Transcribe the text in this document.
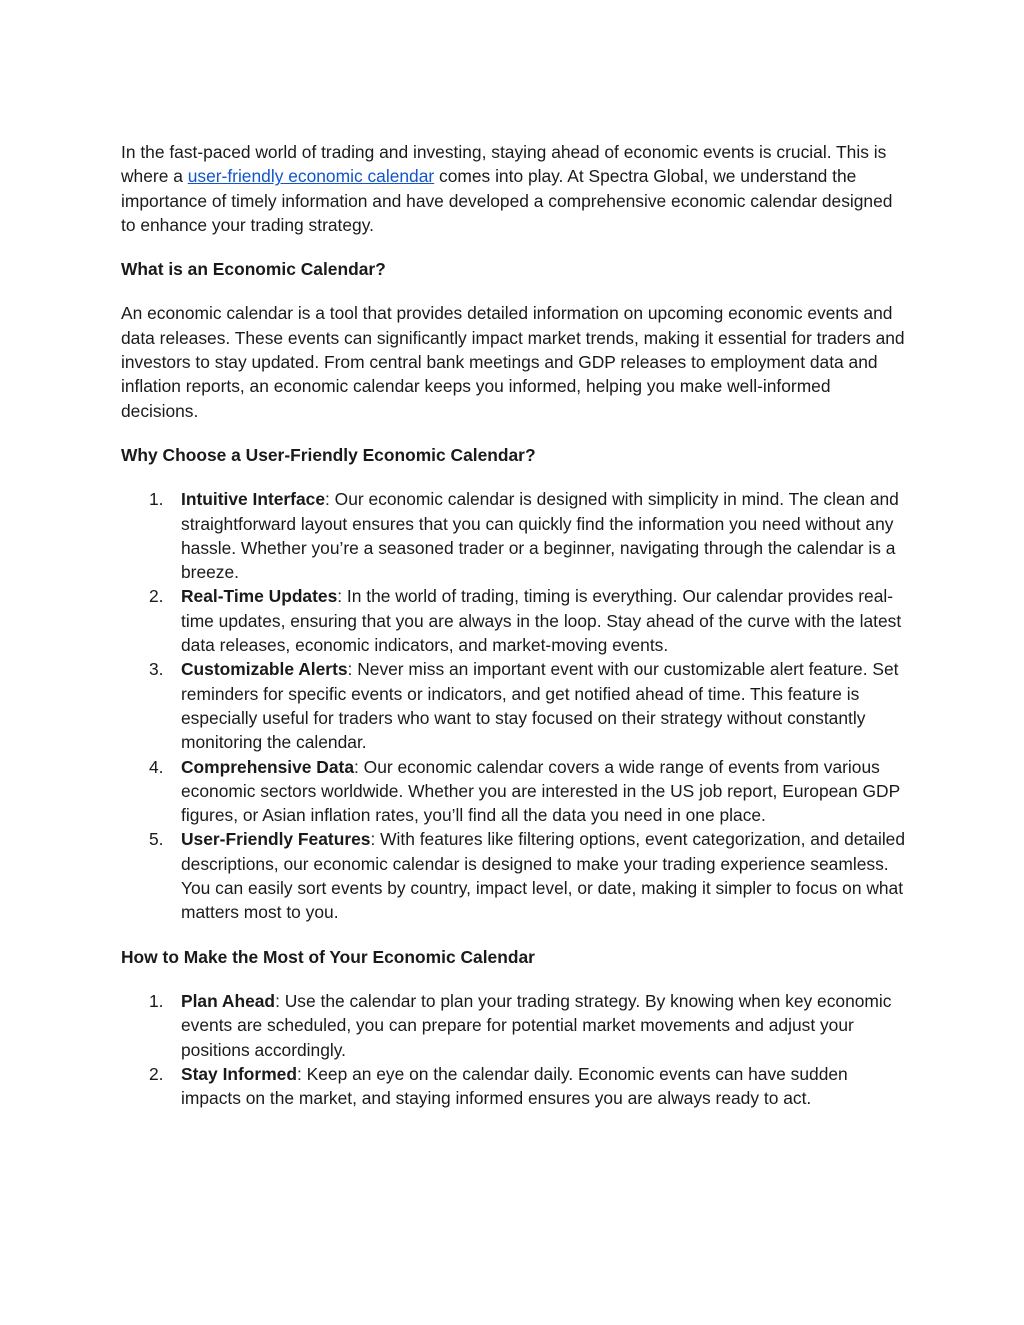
In the fast-paced world of trading and investing, staying ahead of economic events is crucial. This is where a user-friendly economic calendar comes into play. At Spectra Global, we understand the importance of timely information and have developed a comprehensive economic calendar designed to enhance your trading strategy.

What is an Economic Calendar?

An economic calendar is a tool that provides detailed information on upcoming economic events and data releases. These events can significantly impact market trends, making it essential for traders and investors to stay updated. From central bank meetings and GDP releases to employment data and inflation reports, an economic calendar keeps you informed, helping you make well-informed decisions.

Why Choose a User-Friendly Economic Calendar?

1. Intuitive Interface: Our economic calendar is designed with simplicity in mind. The clean and straightforward layout ensures that you can quickly find the information you need without any hassle. Whether you’re a seasoned trader or a beginner, navigating through the calendar is a breeze.
2. Real-Time Updates: In the world of trading, timing is everything. Our calendar provides real-time updates, ensuring that you are always in the loop. Stay ahead of the curve with the latest data releases, economic indicators, and market-moving events.
3. Customizable Alerts: Never miss an important event with our customizable alert feature. Set reminders for specific events or indicators, and get notified ahead of time. This feature is especially useful for traders who want to stay focused on their strategy without constantly monitoring the calendar.
4. Comprehensive Data: Our economic calendar covers a wide range of events from various economic sectors worldwide. Whether you are interested in the US job report, European GDP figures, or Asian inflation rates, you’ll find all the data you need in one place.
5. User-Friendly Features: With features like filtering options, event categorization, and detailed descriptions, our economic calendar is designed to make your trading experience seamless. You can easily sort events by country, impact level, or date, making it simpler to focus on what matters most to you.

How to Make the Most of Your Economic Calendar

1. Plan Ahead: Use the calendar to plan your trading strategy. By knowing when key economic events are scheduled, you can prepare for potential market movements and adjust your positions accordingly.
2. Stay Informed: Keep an eye on the calendar daily. Economic events can have sudden impacts on the market, and staying informed ensures you are always ready to act.
